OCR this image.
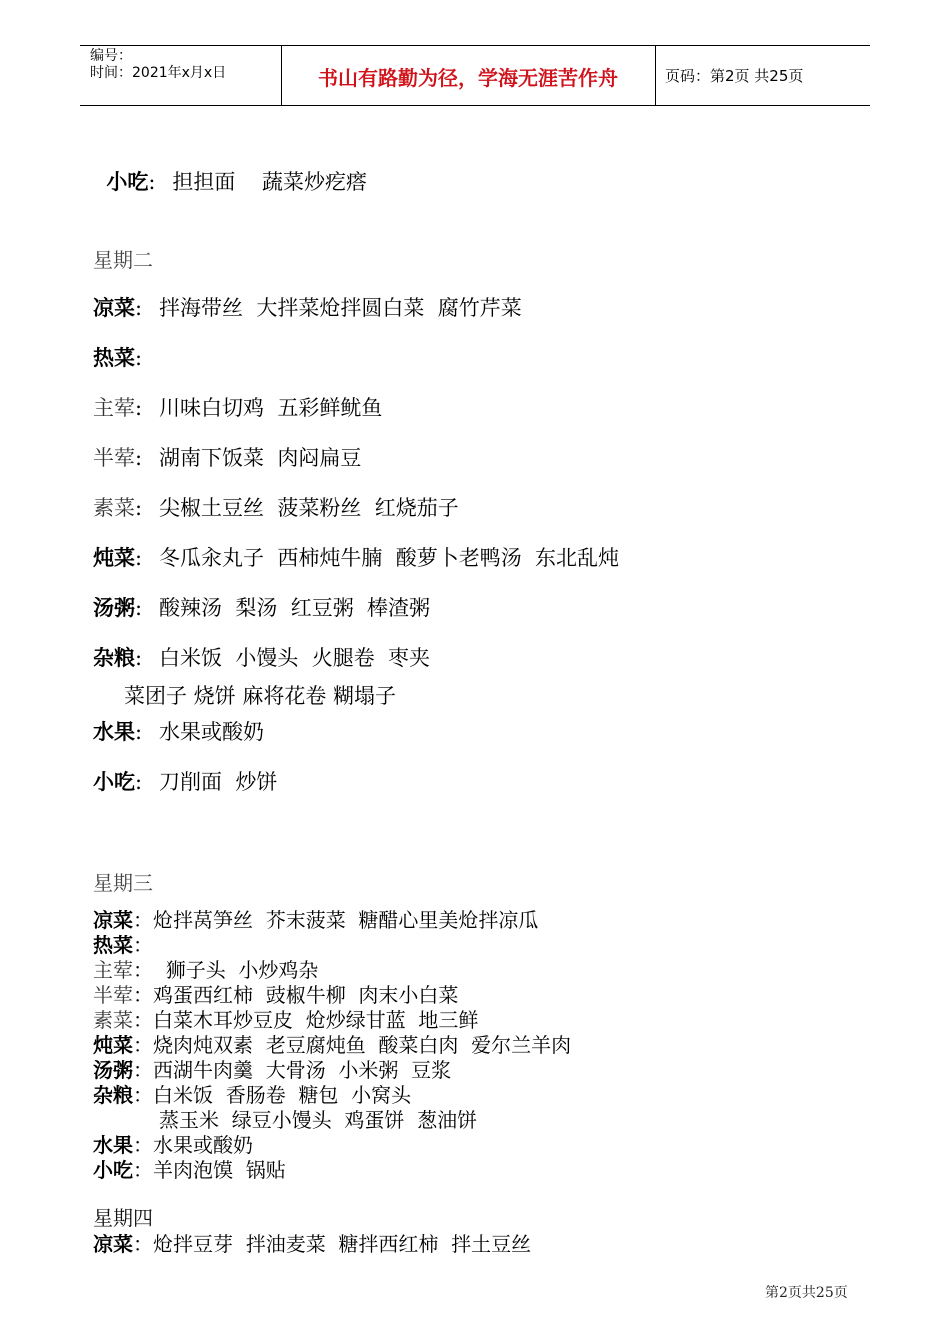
编号：
时间：2021年x月x日	书山有路勤为径，学海无涯苦作舟	页码：第2页 共25页

小吃: 担担面    蔬菜炒疙瘩

星期二
凉菜: 拌海带丝  大拌菜炝拌圆白菜  腐竹芹菜
热菜:
主荤: 川味白切鸡  五彩鲜鱿鱼
半荤: 湖南下饭菜  肉闷扁豆
素菜: 尖椒土豆丝  菠菜粉丝  红烧茄子
炖菜: 冬瓜汆丸子  西柿炖牛腩  酸萝卜老鸭汤  东北乱炖
汤粥: 酸辣汤  梨汤  红豆粥  棒渣粥
杂粮: 白米饭  小馒头  火腿卷  枣夹
菜团子 烧饼 麻将花卷 糊塌子
水果: 水果或酸奶
小吃: 刀削面  炒饼
星期三
凉菜：炝拌莴笋丝  芥末菠菜  糖醋心里美炝拌凉瓜
热菜：
主荤：  狮子头  小炒鸡杂
半荤：鸡蛋西红柿  豉椒牛柳  肉末小白菜
素菜：白菜木耳炒豆皮  炝炒绿甘蓝  地三鲜
炖菜：烧肉炖双素  老豆腐炖鱼  酸菜白肉  爱尔兰羊肉
汤粥：西湖牛肉羹  大骨汤  小米粥  豆浆
杂粮：白米饭  香肠卷  糖包  小窝头
蒸玉米  绿豆小馒头  鸡蛋饼  葱油饼
水果：水果或酸奶
小吃：羊肉泡馍  锅贴
星期四
凉菜：炝拌豆芽  拌油麦菜  糖拌西红柿  拌土豆丝
第2页共25页
